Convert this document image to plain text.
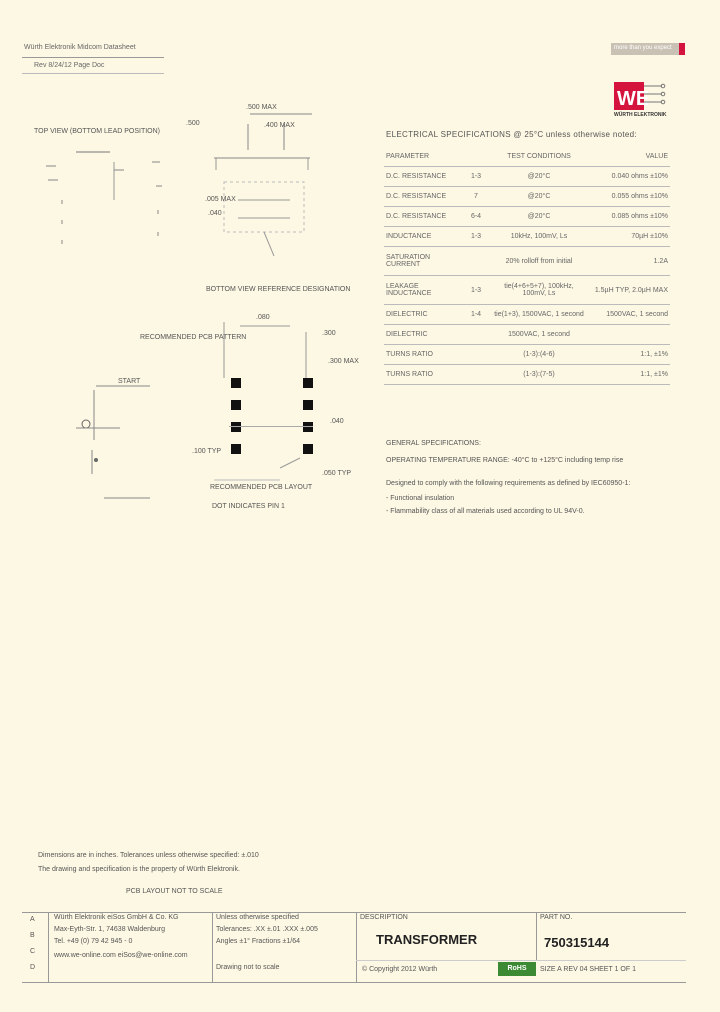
Würth Elektronik Midcom Datasheet
Rev 8/24/12 Page Doc
more than you expect
WE
WÜRTH ELEKTRONIK
TOP VIEW (BOTTOM LEAD POSITION)
.500 MAX
.500	.400 MAX
.005 MAX
.040
BOTTOM VIEW REFERENCE DESIGNATION
RECOMMENDED PCB PATTERN
.080
.300
.300 MAX
.040
.100 TYP
.050 TYP
RECOMMENDED PCB LAYOUT
DOT INDICATES PIN 1
START
ELECTRICAL SPECIFICATIONS @ 25°C unless otherwise noted:
PARAMETER		TEST CONDITIONS	VALUE
D.C. RESISTANCE	1-3	@20°C	0.040 ohms ±10%
D.C. RESISTANCE	7	@20°C	0.055 ohms ±10%
D.C. RESISTANCE	6-4	@20°C	0.085 ohms ±10%
INDUCTANCE	1-3	10kHz, 100mV, Ls	70µH ±10%
SATURATION CURRENT		20% rolloff from initial	1.2A
LEAKAGE INDUCTANCE	1-3	tie(4+6+5+7), 100kHz, 100mV, Ls	1.5µH TYP, 2.0µH MAX
DIELECTRIC	1-4	tie(1+3), 1500VAC, 1 second	1500VAC, 1 second
DIELECTRIC		1500VAC, 1 second	
TURNS RATIO		(1-3):(4-6)	1:1, ±1%
TURNS RATIO		(1-3):(7-5)	1:1, ±1%
GENERAL SPECIFICATIONS:
OPERATING TEMPERATURE RANGE: -40°C to +125°C including temp rise
Designed to comply with the following requirements as defined by IEC60950-1:
- Functional insulation
- Flammability class of all materials used according to UL 94V-0.
Dimensions are in inches. Tolerances unless otherwise specified: ±.010
The drawing and specification is the property of Würth Elektronik.
PCB LAYOUT NOT TO SCALE
A
B
C
D
Würth Elektronik eiSos GmbH & Co. KG
Max-Eyth-Str. 1, 74638 Waldenburg
Tel. +49 (0) 79 42 945 - 0
www.we-online.com eiSos@we-online.com
Unless otherwise specified
Tolerances: .XX ±.01 .XXX ±.005
Angles ±1° Fractions ±1/64
Drawing not to scale
DESCRIPTION
TRANSFORMER
PART NO.
750315144
© Copyright 2012 Würth	RoHS	SIZE A REV 04 SHEET 1 OF 1
